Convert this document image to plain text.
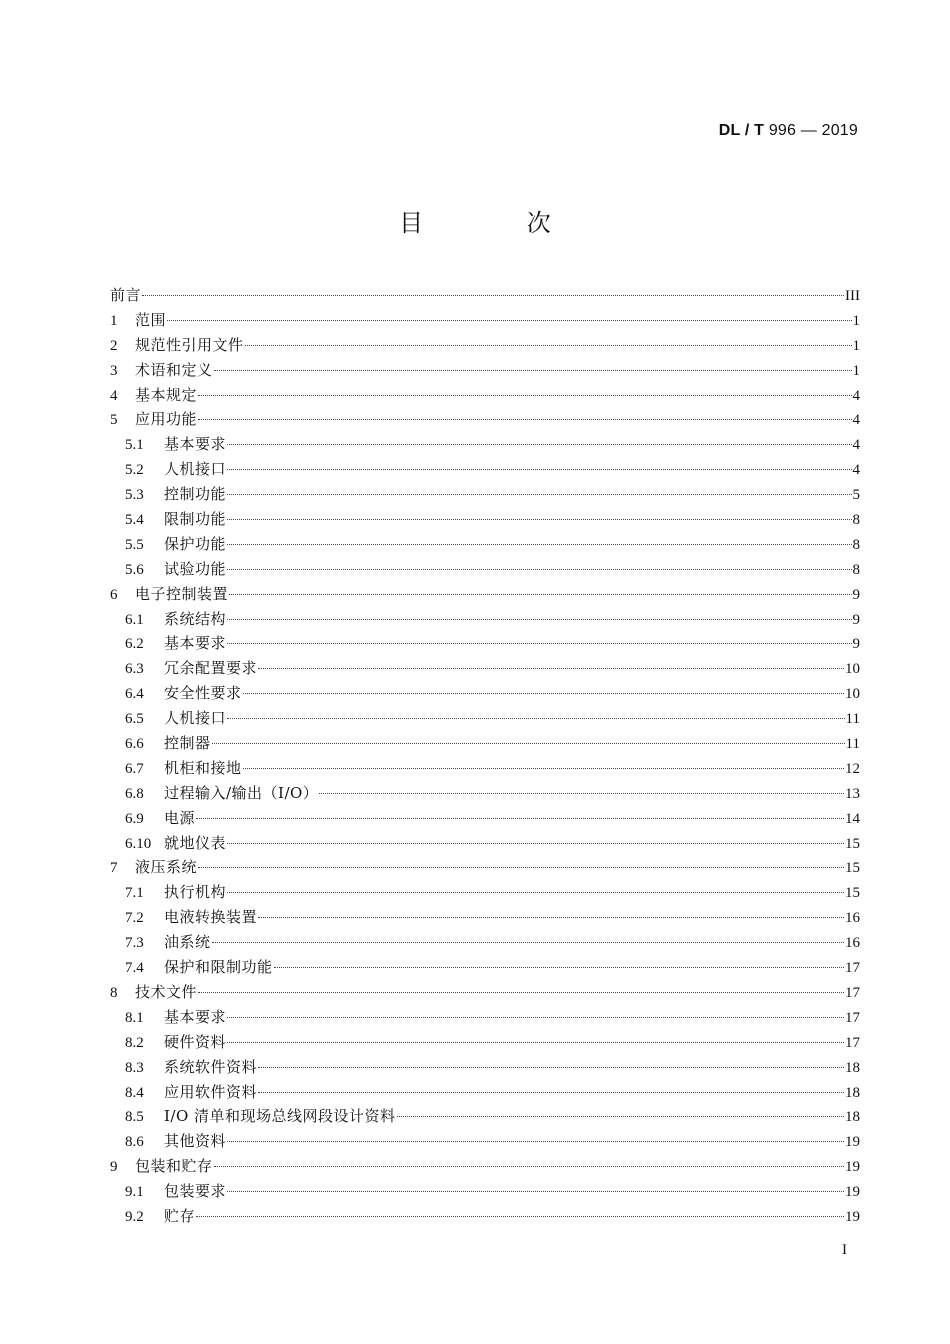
DL / T 996 — 2019
目 次
前言	III
1	范围	1
2	规范性引用文件	1
3	术语和定义	1
4	基本规定	4
5	应用功能	4
5.1	基本要求	4
5.2	人机接口	4
5.3	控制功能	5
5.4	限制功能	8
5.5	保护功能	8
5.6	试验功能	8
6	电子控制装置	9
6.1	系统结构	9
6.2	基本要求	9
6.3	冗余配置要求	10
6.4	安全性要求	10
6.5	人机接口	11
6.6	控制器	11
6.7	机柜和接地	12
6.8	过程输入/输出（I/O）	13
6.9	电源	14
6.10 就地仪表	15
7	液压系统	15
7.1	执行机构	15
7.2	电液转换装置	16
7.3	油系统	16
7.4	保护和限制功能	17
8	技术文件	17
8.1	基本要求	17
8.2	硬件资料	17
8.3	系统软件资料	18
8.4	应用软件资料	18
8.5	I/O 清单和现场总线网段设计资料	18
8.6	其他资料	19
9	包装和贮存	19
9.1	包装要求	19
9.2	贮存	19
I
